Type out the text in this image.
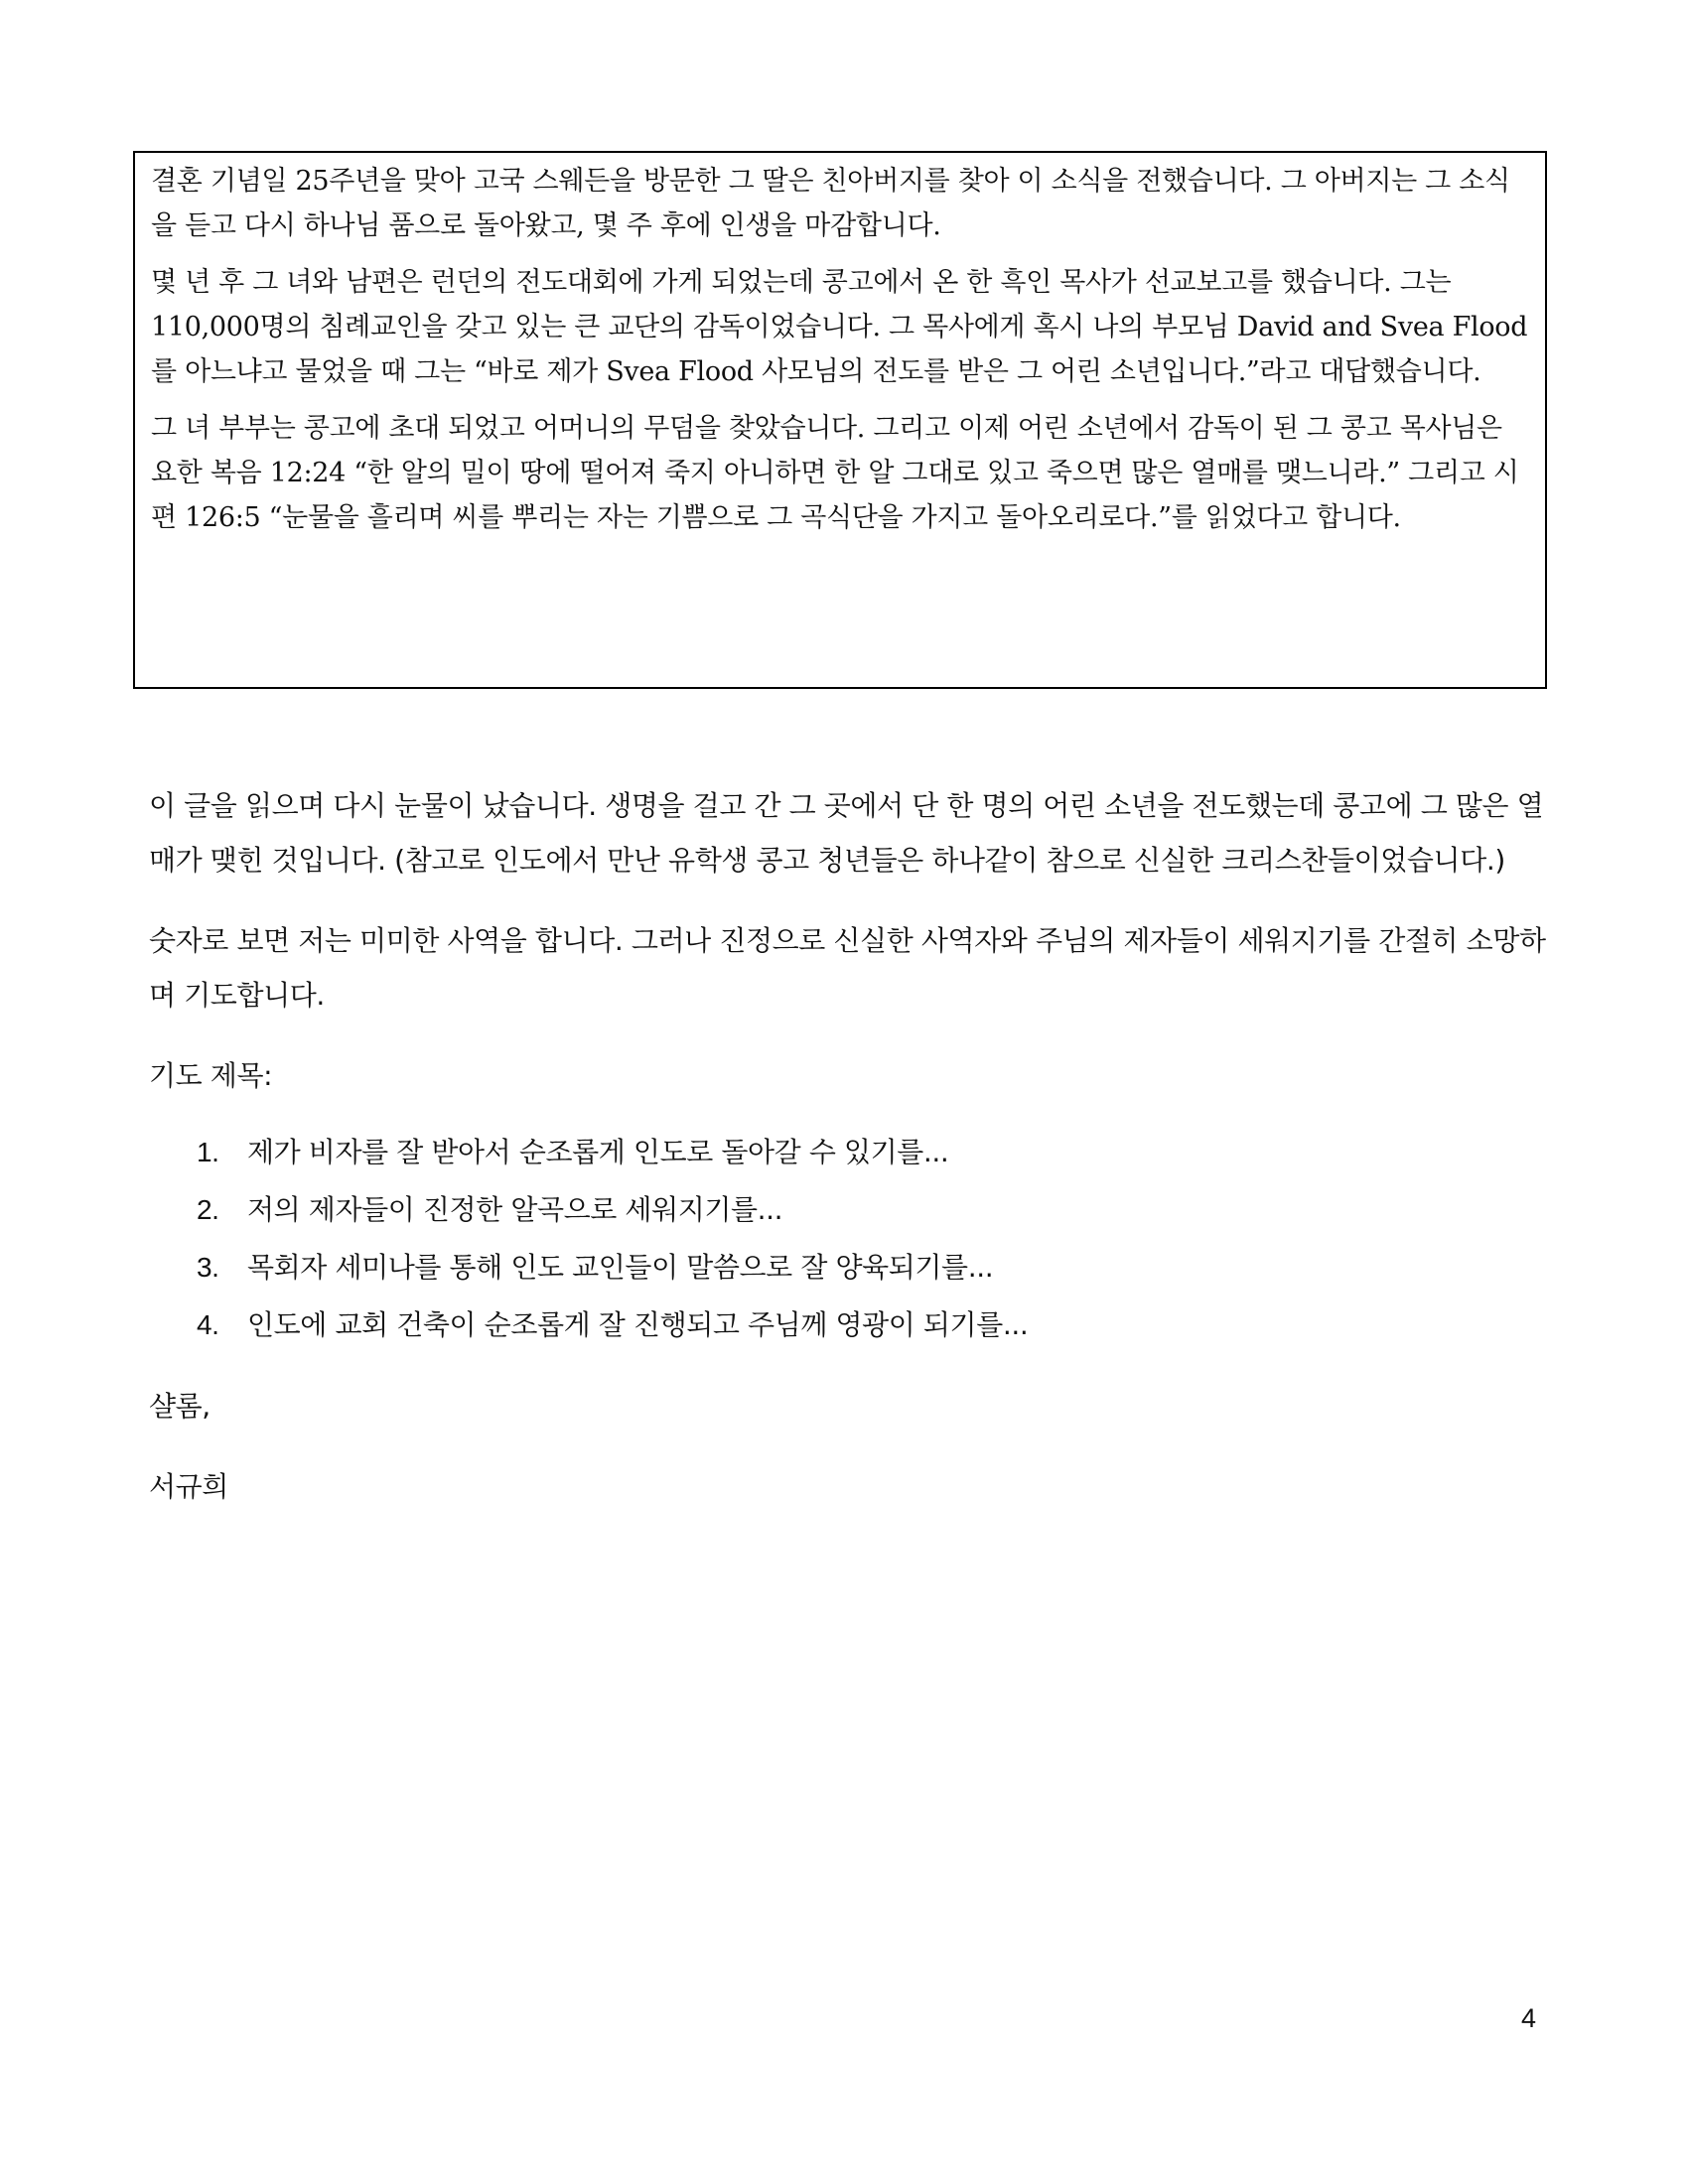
결혼 기념일 25주년을 맞아 고국 스웨든을 방문한 그 딸은 친아버지를 찾아 이 소식을 전했습니다. 그 아버지는 그 소식을 듣고 다시 하나님 품으로 돌아왔고, 몇 주 후에 인생을 마감합니다.

몇 년 후 그 녀와 남편은 런던의 전도대회에 가게 되었는데 콩고에서 온 한 흑인 목사가 선교보고를 했습니다. 그는 110,000명의 침례교인을 갖고 있는 큰 교단의 감독이었습니다. 그 목사에게 혹시 나의 부모님 David and Svea Flood를 아느냐고 물었을 때 그는 “바로 제가 Svea Flood 사모님의 전도를 받은 그 어린 소년입니다.”라고 대답했습니다.

그 녀 부부는 콩고에 초대 되었고 어머니의 무덤을 찾았습니다. 그리고 이제 어린 소년에서 감독이 된 그 콩고 목사님은 요한 복음 12:24 “한 알의 밀이 땅에 떨어져 죽지 아니하면 한 알 그대로 있고 죽으면 많은 열매를 맺느니라.” 그리고 시편 126:5 “눈물을 흘리며 씨를 뿌리는 자는 기쁨으로 그 곡식단을 가지고 돌아오리로다.”를 읽었다고 합니다.

이 글을 읽으며 다시 눈물이 났습니다. 생명을 걸고 간 그 곳에서 단 한 명의 어린 소년을 전도했는데 콩고에 그 많은 열매가 맺힌 것입니다. (참고로 인도에서 만난 유학생 콩고 청년들은 하나같이 참으로 신실한 크리스찬들이었습니다.)

숫자로 보면 저는 미미한 사역을 합니다. 그러나 진정으로 신실한 사역자와 주님의 제자들이 세워지기를 간절히 소망하며 기도합니다.

기도 제목:

1.	제가 비자를 잘 받아서 순조롭게 인도로 돌아갈 수 있기를...
2.	저의 제자들이 진정한 알곡으로 세워지기를...
3.	목회자 세미나를 통해 인도 교인들이 말씀으로 잘 양육되기를...
4.	인도에 교회 건축이 순조롭게 잘 진행되고 주님께 영광이 되기를...

샬롬,

서규희

4
